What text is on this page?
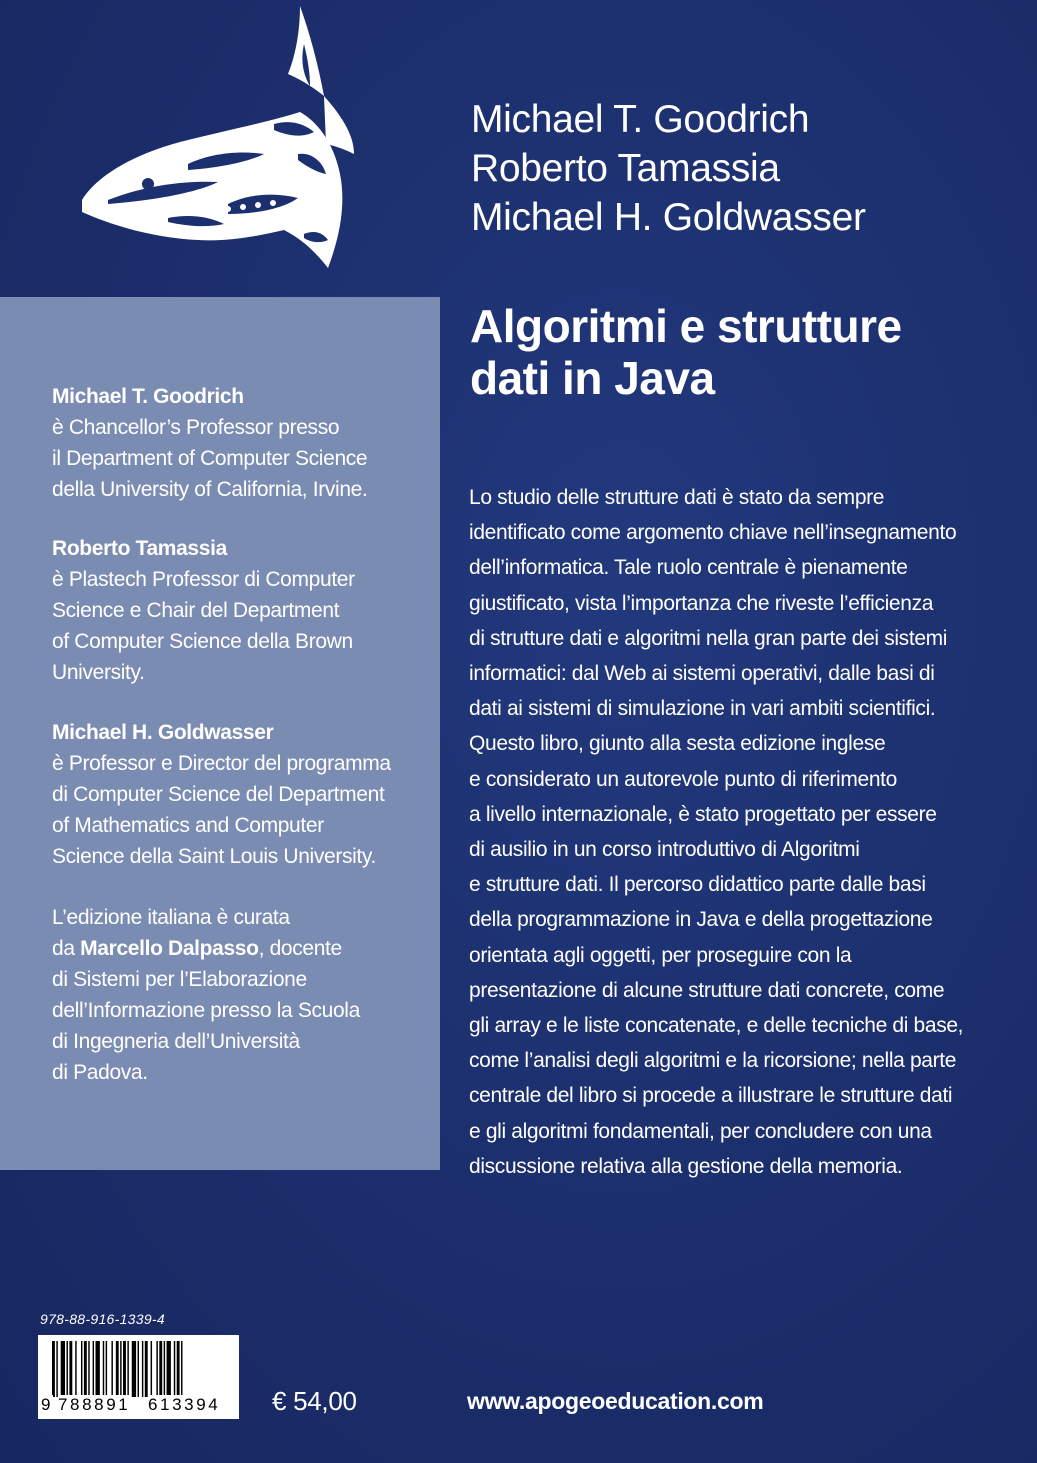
Michael T. Goodrich
Roberto Tamassia
Michael H. Goldwasser
Algoritmi e strutture
dati in Java
Lo studio delle strutture dati è stato da sempre
identificato come argomento chiave nell’insegnamento
dell’informatica. Tale ruolo centrale è pienamente
giustificato, vista l’importanza che riveste l’efficienza
di strutture dati e algoritmi nella gran parte dei sistemi
informatici: dal Web ai sistemi operativi, dalle basi di
dati ai sistemi di simulazione in vari ambiti scientifici.
Questo libro, giunto alla sesta edizione inglese
e considerato un autorevole punto di riferimento
a livello internazionale, è stato progettato per essere
di ausilio in un corso introduttivo di Algoritmi
e strutture dati. Il percorso didattico parte dalle basi
della programmazione in Java e della progettazione
orientata agli oggetti, per proseguire con la
presentazione di alcune strutture dati concrete, come
gli array e le liste concatenate, e delle tecniche di base,
come l’analisi degli algoritmi e la ricorsione; nella parte
centrale del libro si procede a illustrare le strutture dati
e gli algoritmi fondamentali, per concludere con una
discussione relativa alla gestione della memoria.
Michael T. Goodrich
è Chancellor’s Professor presso
il Department of Computer Science
della University of California, Irvine.
Roberto Tamassia
è Plastech Professor di Computer
Science e Chair del Department
of Computer Science della Brown
University.
Michael H. Goldwasser
è Professor e Director del programma
di Computer Science del Department
of Mathematics and Computer
Science della Saint Louis University.
L’edizione italiana è curata
da Marcello Dalpasso, docente
di Sistemi per l’Elaborazione
dell’Informazione presso la Scuola
di Ingegneria dell’Università
di Padova.
978-88-916-1339-4
9 788891 613394 € 54,00	www.apogeoeducation.com
